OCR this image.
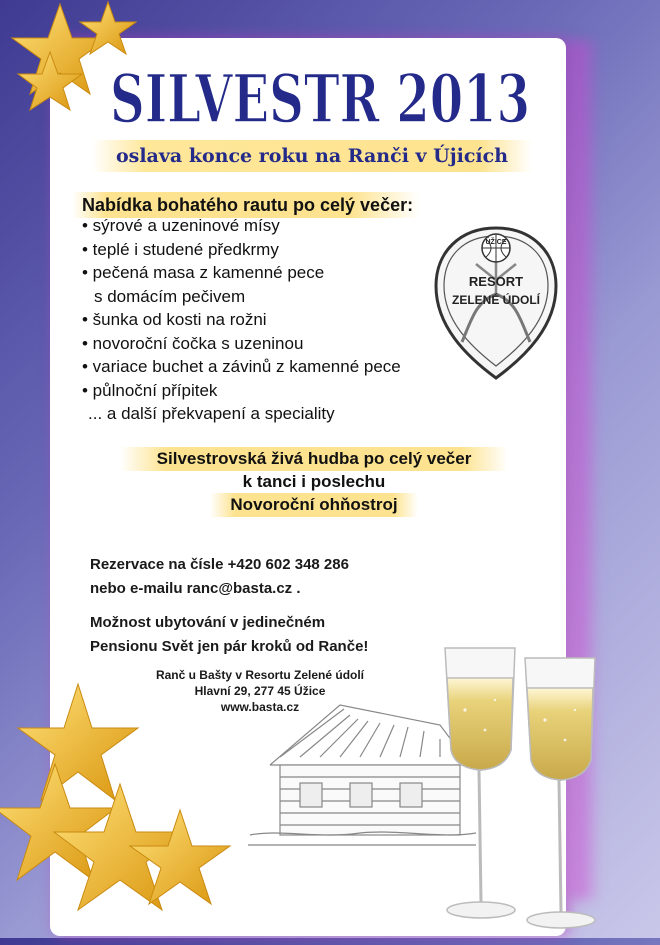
SILVESTR 2013
oslava konce roku na Ranči v Újicích
Nabídka bohatého rautu po celý večer:
• sýrové a uzeninové mísy
• teplé i studené předkrmy
• pečená masa z kamenné pece
s domácím pečivem
• šunka od kosti na rožni
• novoroční čočka s uzeninou
• variace buchet a závinů z kamenné pece
• půlnoční přípitek
... a další překvapení a speciality
ÚŽICE
RESORT
ZELENÉ ÚDOLÍ
Silvestrovská živá hudba po celý večer
k tanci i poslechu
Novoroční ohňostroj
Rezervace na čísle +420 602 348 286
nebo e-mailu ranc@basta.cz .
Možnost ubytování v jedinečném
Pensionu Svět jen pár kroků od Ranče!
Ranč u Bašty v Resortu Zelené údolí
Hlavní 29, 277 45 Úžice
www.basta.cz
